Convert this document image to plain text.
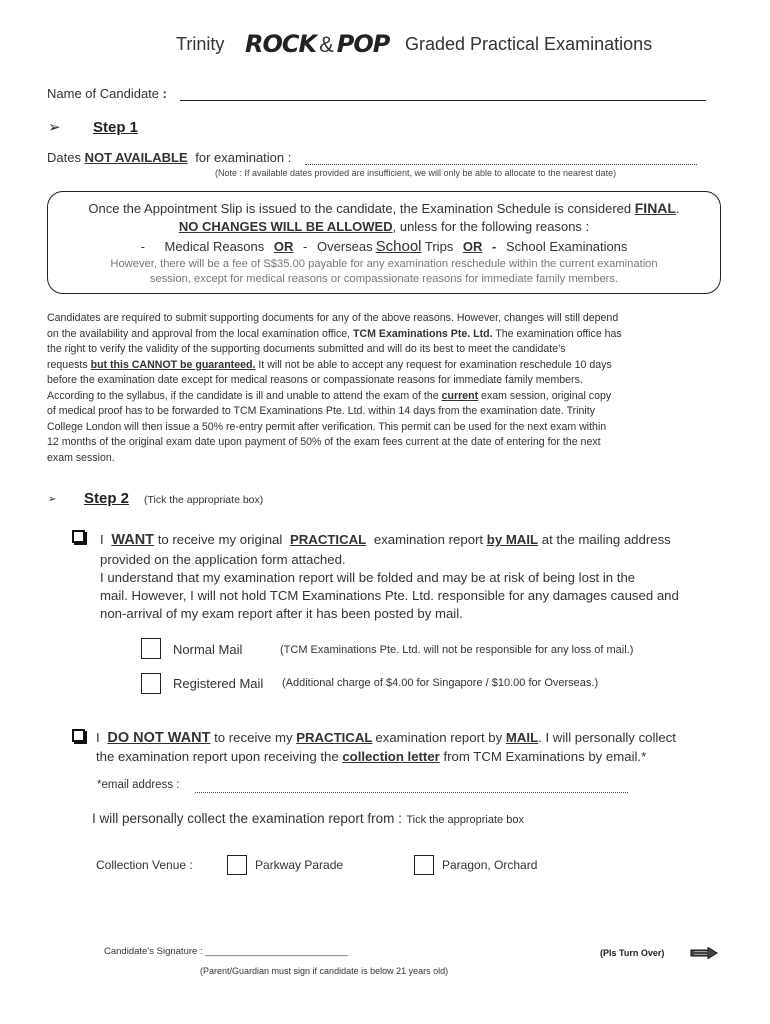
Trinity ROCK & POP Graded Practical Examinations
Name of Candidate :
➢ Step 1
Dates NOT AVAILABLE for examination :
(Note : If available dates provided are insufficient, we will only be able to allocate to the nearest date)
Once the Appointment Slip is issued to the candidate, the Examination Schedule is considered FINAL.
NO CHANGES WILL BE ALLOWED, unless for the following reasons :
- Medical Reasons OR - Overseas School Trips OR - School Examinations
However, there will be a fee of S$35.00 payable for any examination reschedule within the current examination
session, except for medical reasons or compassionate reasons for immediate family members.
Candidates are required to submit supporting documents for any of the above reasons. However, changes will still depend
on the availability and approval from the local examination office, TCM Examinations Pte. Ltd. The examination office has
the right to verify the validity of the supporting documents submitted and will do its best to meet the candidate’s
requests but this CANNOT be guaranteed. It will not be able to accept any request for examination reschedule 10 days
before the examination date except for medical reasons or compassionate reasons for immediate family members.
According to the syllabus, if the candidate is ill and unable to attend the exam of the current exam session, original copy
of medical proof has to be forwarded to TCM Examinations Pte. Ltd. within 14 days from the examination date. Trinity
College London will then issue a 50% re-entry permit after verification. This permit can be used for the next exam within
12 months of the original exam date upon payment of 50% of the exam fees current at the date of entering for the next
exam session.
➢ Step 2 (Tick the appropriate box)
I WANT to receive my original PRACTICAL examination report by MAIL at the mailing address
provided on the application form attached.
I understand that my examination report will be folded and may be at risk of being lost in the
mail. However, I will not hold TCM Examinations Pte. Ltd. responsible for any damages caused and
non-arrival of my exam report after it has been posted by mail.
Normal Mail	(TCM Examinations Pte. Ltd. will not be responsible for any loss of mail.)
Registered Mail (Additional charge of $4.00 for Singapore / $10.00 for Overseas.)
I DO NOT WANT to receive my PRACTICAL examination report by MAIL. I will personally collect
the examination report upon receiving the collection letter from TCM Examinations by email.*
*email address :
I will personally collect the examination report from : Tick the appropriate box
Collection Venue :	Parkway Parade	Paragon, Orchard
Candidate’s Signature : ___________________________	(Pls Turn Over)
(Parent/Guardian must sign if candidate is below 21 years old)
